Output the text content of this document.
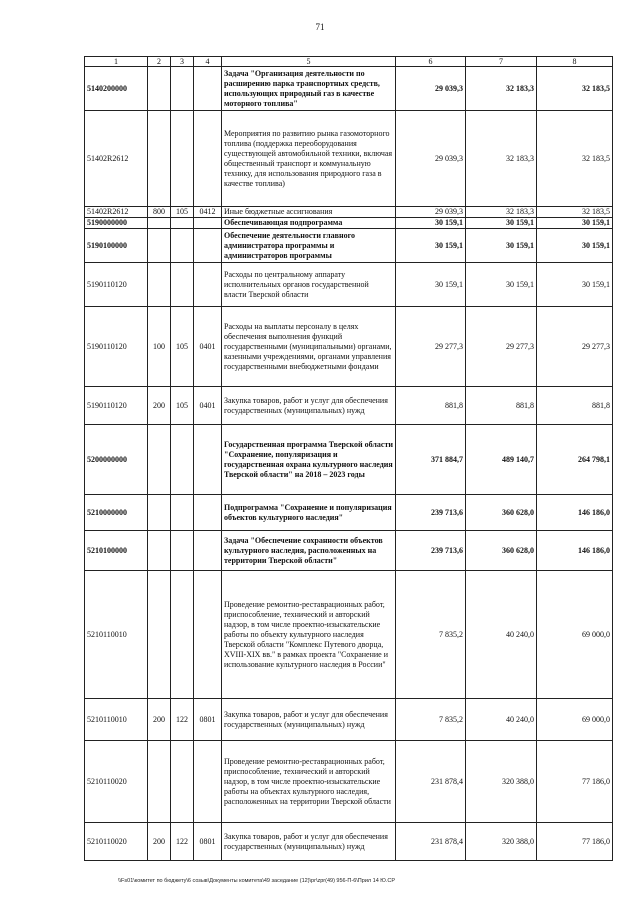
71
1	2	3	4	5	6	7	8
5140200000				Задача "Организация деятельности по расширению парка транспортных средств, использующих природный газ в качестве моторного топлива"	29 039,3	32 183,3	32 183,5
51402R2612				Мероприятия по развитию рынка газомоторного топлива (поддержка переоборудования существующей автомобильной техники, включая общественный транспорт и коммунальную технику, для использования природного газа в качестве топлива)	29 039,3	32 183,3	32 183,5
51402R2612	800	105	0412	Иные бюджетные ассигнования	29 039,3	32 183,3	32 183,5
5190000000				Обеспечивающая подпрограмма	30 159,1	30 159,1	30 159,1
5190100000				Обеспечение деятельности главного администратора программы и администраторов программы	30 159,1	30 159,1	30 159,1
5190110120				Расходы по центральному аппарату исполнительных органов государственной власти Тверской области	30 159,1	30 159,1	30 159,1
5190110120	100	105	0401	Расходы на выплаты персоналу в целях обеспечения выполнения функций государственными (муниципальными) органами, казенными учреждениями, органами управления государственными внебюджетными фондами	29 277,3	29 277,3	29 277,3
5190110120	200	105	0401	Закупка товаров, работ и услуг для обеспечения государственных (муниципальных) нужд	881,8	881,8	881,8
5200000000				Государственная программа Тверской области "Сохранение, популяризация и государственная охрана культурного наследия Тверской области" на 2018 – 2023 годы	371 884,7	489 140,7	264 798,1
5210000000				Подпрограмма "Сохранение и популяризация объектов культурного наследия"	239 713,6	360 628,0	146 186,0
5210100000				Задача "Обеспечение сохранности объектов культурного наследия, расположенных на территории Тверской области"	239 713,6	360 628,0	146 186,0
5210110010				Проведение ремонтно-реставрационных работ, приспособление, технический и авторский надзор, в том числе проектно-изыскательские работы по объекту культурного наследия Тверской области "Комплекс Путевого дворца, XVIII-XIX вв." в рамках проекта "Сохранение и использование культурного наследия в России"	7 835,2	40 240,0	69 000,0
5210110010	200	122	0801	Закупка товаров, работ и услуг для обеспечения государственных (муниципальных) нужд	7 835,2	40 240,0	69 000,0
5210110020				Проведение ремонтно-реставрационных работ, приспособление, технический и авторский надзор, в том числе проектно-изыскательские работы на объектах культурного наследия, расположенных на территории Тверской области	231 878,4	320 388,0	77 186,0
5210110020	200	122	0801	Закупка товаров, работ и услуг для обеспечения государственных (муниципальных) нужд	231 878,4	320 388,0	77 186,0
\\Fs01\комитет по бюджету\6 созыв\Документы комитета\49 заседание (12)\pr\zpr(49) 956-П-6\Прил 14 Ю.СР
